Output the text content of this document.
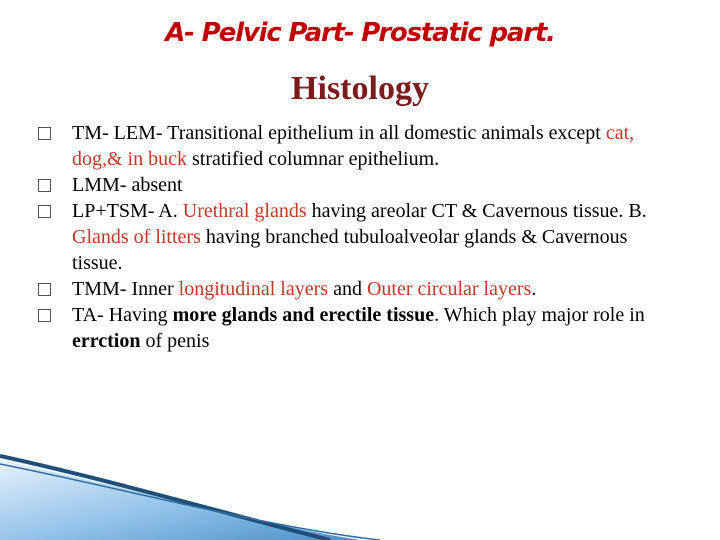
A- Pelvic Part- Prostatic part.
Histology
TM- LEM- Transitional epithelium in all domestic animals except cat, dog,& in buck stratified columnar epithelium.
LMM- absent
LP+TSM- A. Urethral glands having areolar CT & Cavernous tissue. B. Glands of litters having branched tubuloalveolar glands & Cavernous tissue.
TMM- Inner longitudinal layers and Outer circular layers.
TA- Having more glands and erectile tissue. Which play major role in errction of penis
